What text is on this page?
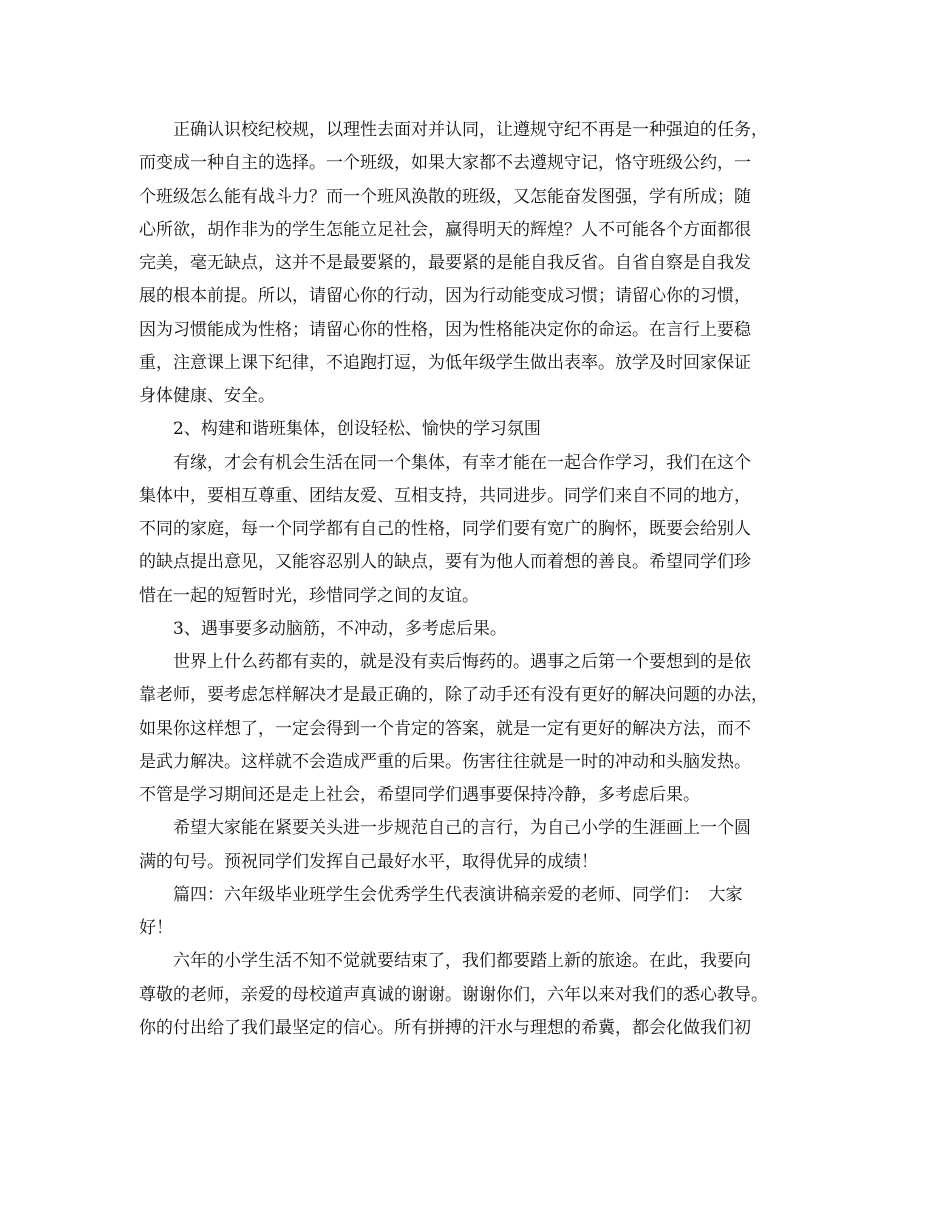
正确认识校纪校规，以理性去面对并认同，让遵规守纪不再是一种强迫的任务，
而变成一种自主的选择。一个班级，如果大家都不去遵规守记，恪守班级公约，一
个班级怎么能有战斗力？而一个班风涣散的班级，又怎能奋发图强，学有所成；随
心所欲，胡作非为的学生怎能立足社会，赢得明天的辉煌？人不可能各个方面都很
完美，毫无缺点，这并不是最要紧的，最要紧的是能自我反省。自省自察是自我发
展的根本前提。所以，请留心你的行动，因为行动能变成习惯；请留心你的习惯，
因为习惯能成为性格；请留心你的性格，因为性格能决定你的命运。在言行上要稳
重，注意课上课下纪律，不追跑打逗，为低年级学生做出表率。放学及时回家保证
身体健康、安全。
2、构建和谐班集体，创设轻松、愉快的学习氛围
有缘，才会有机会生活在同一个集体，有幸才能在一起合作学习，我们在这个
集体中，要相互尊重、团结友爱、互相支持，共同进步。同学们来自不同的地方，
不同的家庭，每一个同学都有自己的性格，同学们要有宽广的胸怀，既要会给别人
的缺点提出意见，又能容忍别人的缺点，要有为他人而着想的善良。希望同学们珍
惜在一起的短暂时光，珍惜同学之间的友谊。
3、遇事要多动脑筋，不冲动，多考虑后果。
世界上什么药都有卖的，就是没有卖后悔药的。遇事之后第一个要想到的是依
靠老师，要考虑怎样解决才是最正确的，除了动手还有没有更好的解决问题的办法，
如果你这样想了，一定会得到一个肯定的答案，就是一定有更好的解决方法，而不
是武力解决。这样就不会造成严重的后果。伤害往往就是一时的冲动和头脑发热。
不管是学习期间还是走上社会，希望同学们遇事要保持冷静，多考虑后果。
希望大家能在紧要关头进一步规范自己的言行，为自己小学的生涯画上一个圆
满的句号。预祝同学们发挥自己最好水平，取得优异的成绩！
篇四：六年级毕业班学生会优秀学生代表演讲稿亲爱的老师、同学们：　大家
好！
六年的小学生活不知不觉就要结束了，我们都要踏上新的旅途。在此，我要向
尊敬的老师，亲爱的母校道声真诚的谢谢。谢谢你们，六年以来对我们的悉心教导。
你的付出给了我们最坚定的信心。所有拼搏的汗水与理想的希冀，都会化做我们初
